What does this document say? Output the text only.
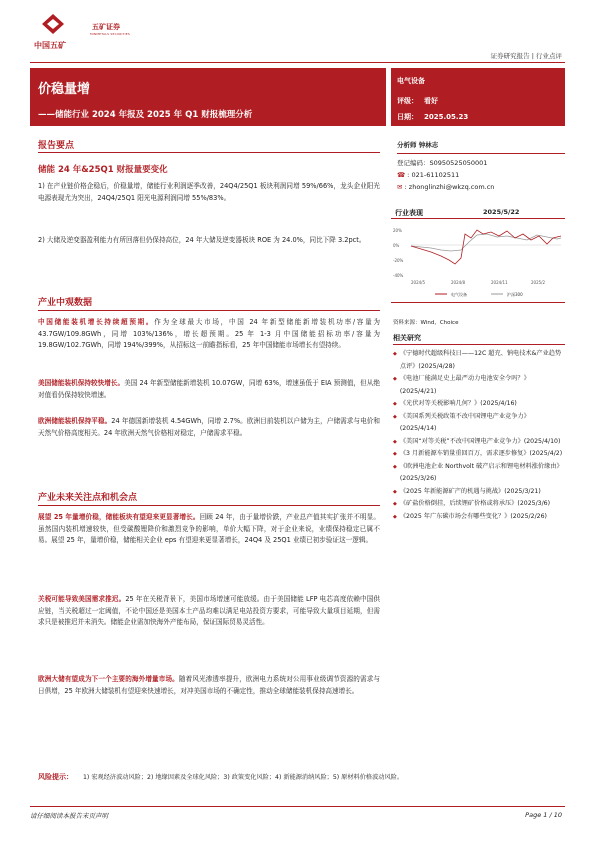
中国五矿
五矿证券
MINMETALS SECURITIES
证券研究报告 | 行业点评
价稳量增
——储能行业 2024 年报及 2025 年 Q1 财报梳理分析
电气设备
评级： 看好
日期： 2025.05.23
报告要点
储能 24 年&25Q1 财报量要变化
1) 在产业链价格企稳后，价稳量增，储能行业利润逐季改善，24Q4/25Q1 板块利润同增 59%/66%，龙头企业阳光电源表现尤为突出，24Q4/25Q1 阳光电源利润同增 55%/83%。
2) 大储及逆变器盈利能力有所回落但仍保持高位，24 年大储及逆变器板块 ROE 为 24.0%，同比下降 3.2pct。
产业中观数据
中国储能装机增长持续超预期。作为全球最大市场，中国 24 年新型储能新增装机功率/容量为 43.7GW/109.8GWh，同增 103%/136%，增长超预期。25 年 1-3 月中国储能招标功率/容量为 19.8GW/102.7GWh，同增 194%/399%，从招标这一前瞻指标看，25 年中国储能市场增长有望持续。
美国储能装机保持较快增长。美国 24 年新型储能新增装机 10.07GW，同增 63%，增速虽低于 EIA 预测值，但从绝对值看仍保持较快增速。
欧洲储能装机保持平稳。24 年德国新增装机 4.54GWh，同增 2.7%。欧洲目前装机以户储为主，户储需求与电价和天然气价格高度相关。24 年欧洲天然气价格相对稳定，户储需求平稳。
产业未来关注点和机会点
展望 25 年量增价稳，储能板块有望迎来更显著增长。回顾 24 年，由于量增价跌，产业总产值其实扩张并不明显。虽然国内装机增速较快，但受碳酸锂降价和激烈竞争的影响，单价大幅下降，对于企业来说，业绩保持稳定已属不易。展望 25 年，量增价稳，储能相关企业 eps 有望迎来更显著增长，24Q4 及 25Q1 业绩已初步验证这一逻辑。
关税可能导致美国需求推迟。25 年在关税背景下，美国市场增速可能放缓。由于美国储能 LFP 电芯高度依赖中国供应链，当关税超过一定阈值，不论中国还是美国本土产品均难以满足电站投资方要求，可能导致大量项目延期，但需求只是被推迟并未消失。储能企业需加快海外产能布局，保证国际贸易灵活性。
欧洲大储有望成为下一个主要的海外增量市场。随着风光渗透率提升，欧洲电力系统对公用事业级调节资源的需求与日俱增，25 年欧洲大储装机有望迎来快速增长，对冲美国市场的不确定性，推动全球储能装机保持高速增长。
风险提示： 1) 宏观经济波动风险；2) 地缘因素及全球化风险；3) 政策变化风险；4) 新能源消纳风险；5) 原材料价格波动风险。
分析师 钟林志
登记编码：S0950525050001
☎ : 021-61102511
✉ : zhonglinzhi@wkzq.com.cn
行业表现	2025/5/22
20%
0%
-20%
-40%
2024/5	2024/8	2024/11	2025/2
电气设备	沪深300
资料来源：Wind，Choice
相关研究
◆ 《宁德时代超级科技日——12C 超充、钠电技术&产业趋势点评》(2025/4/28)
◆ 《电池厂能满足史上最严动力电池安全令吗？》(2025/4/21)
◆ 《光伏对等关税影响几何？》(2025/4/16)
◆ 《美国系列关税政策不改中国锂电产业竞争力》(2025/4/14)
◆ 《美国“对等关税”不改中国锂电产业竞争力》(2025/4/10)
◆ 《3 月新能源车销量重回百万，需求逐步修复》(2025/4/2)
◆ 《欧洲电池企业 Northvolt 破产启示和锂电材料涨价缘由》(2025/3/26)
◆ 《2025 年新能源矿产的机遇与挑战》(2025/3/21)
◆ 《矿盐价格倒挂，后续锂矿价格或将承压》(2025/3/6)
◆ 《2025 年广东碳市场会有哪些变化？》(2025/2/26)
请仔细阅读本报告末页声明	Page 1 / 10
